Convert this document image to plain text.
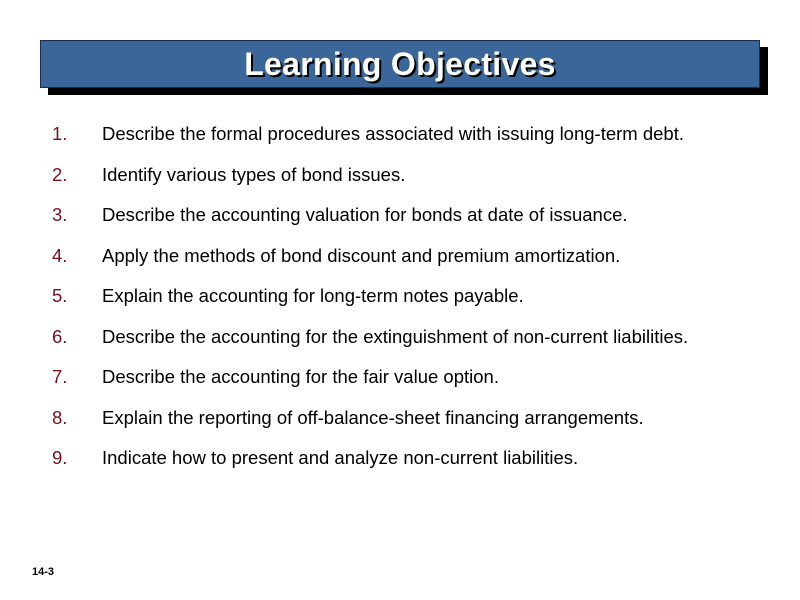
Learning Objectives
1.	Describe the formal procedures associated with issuing long-term debt.
2.	Identify various types of bond issues.
3.	Describe the accounting valuation for bonds at date of issuance.
4.	Apply the methods of bond discount and premium amortization.
5.	Explain the accounting for long-term notes payable.
6.	Describe the accounting for the extinguishment of non-current liabilities.
7.	Describe the accounting for the fair value option.
8.	Explain the reporting of off-balance-sheet financing arrangements.
9.	Indicate how to present and analyze non-current liabilities.
14-3
